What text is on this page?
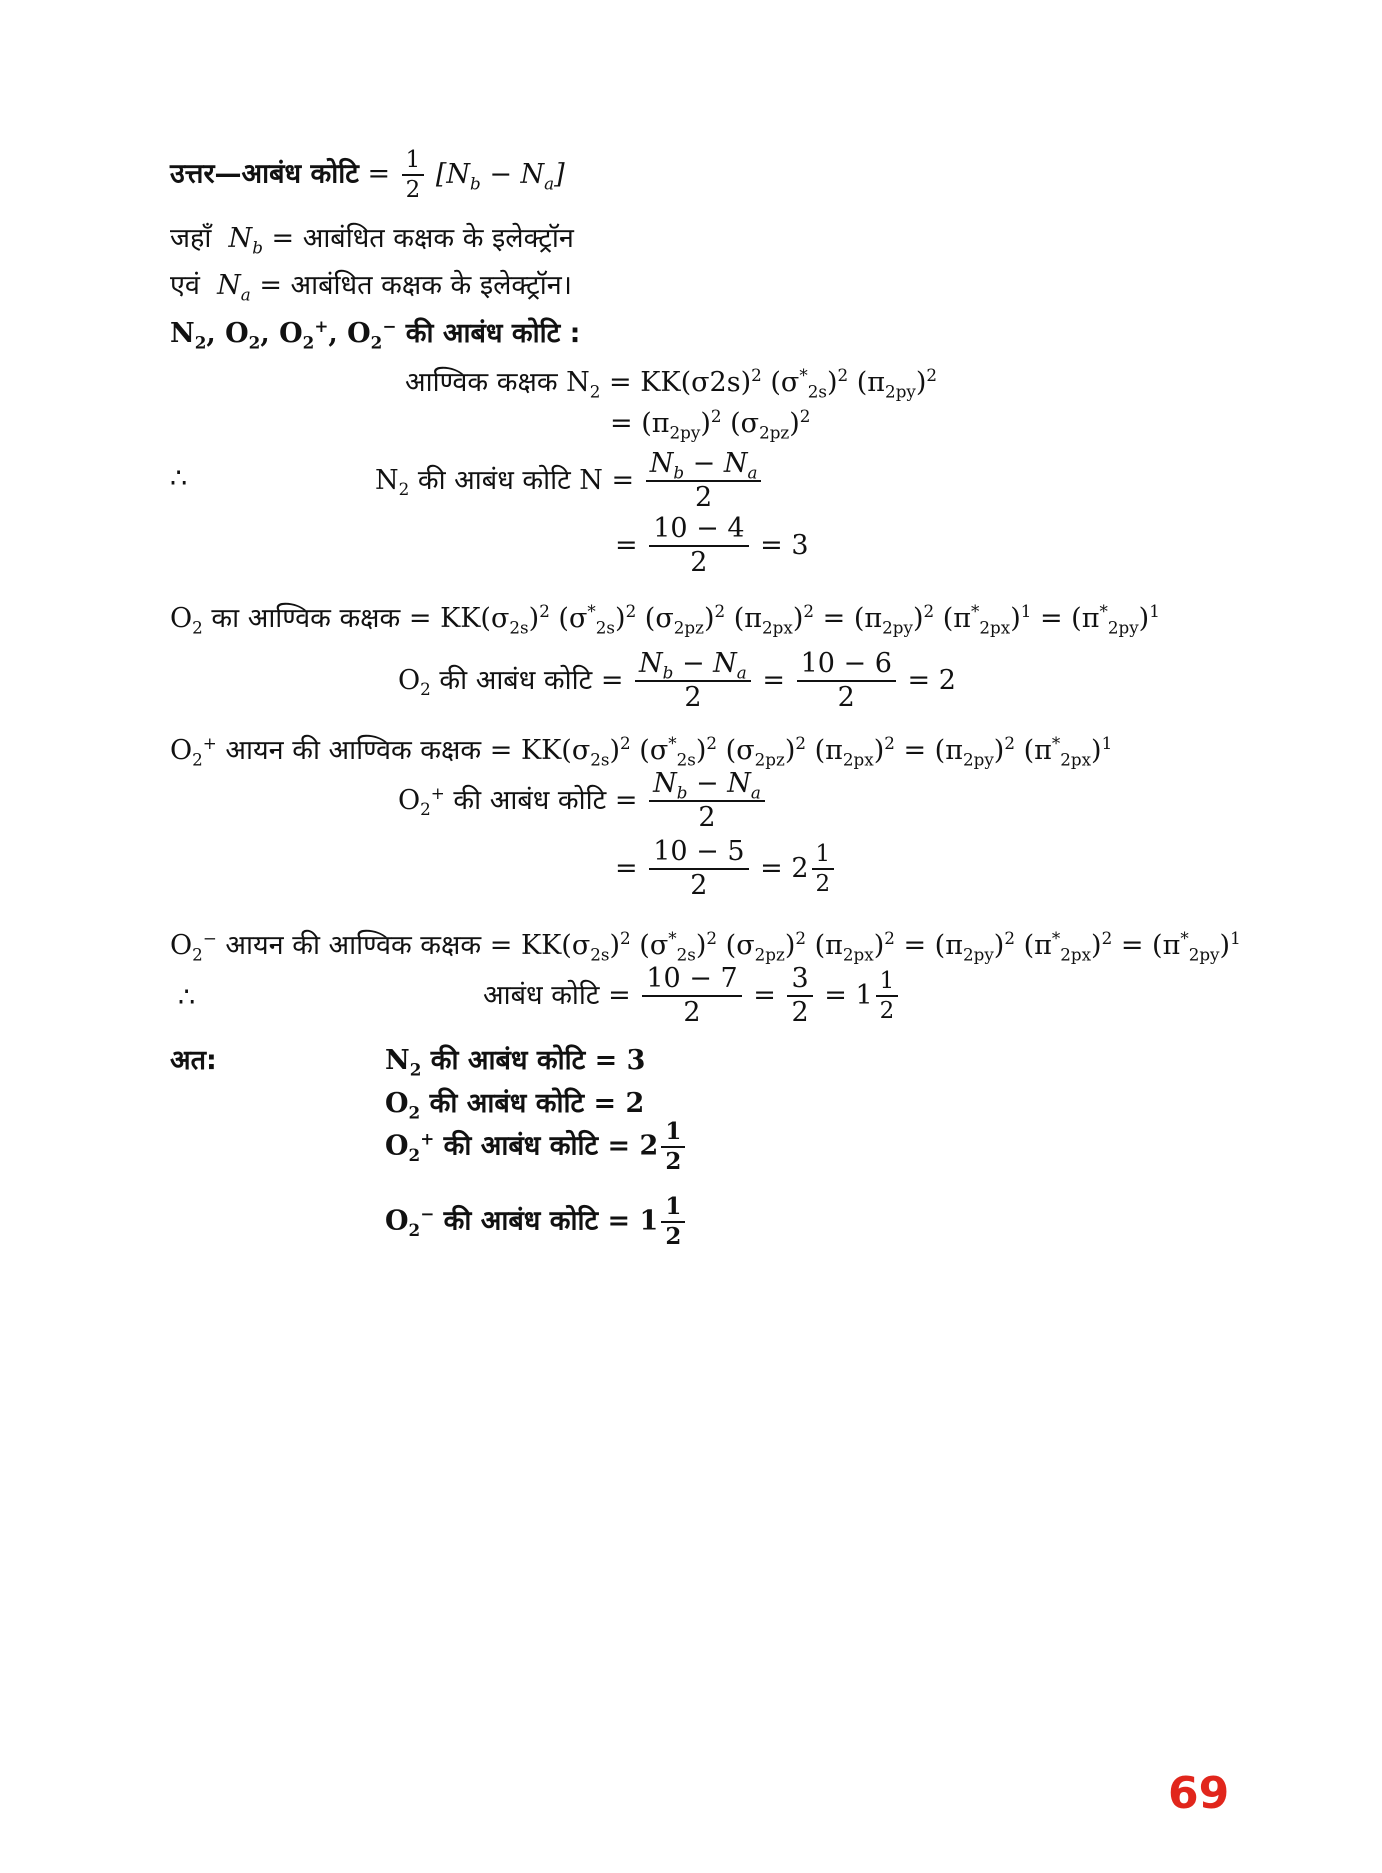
उत्तर—आबंध कोटि = $\frac{1}{2} [N_b - N_a]$
जहाँ  $N_b$ = आबंधित कक्षक के इलेक्ट्रॉन
एवं  $N_a$ = आबंधित कक्षक के इलेक्ट्रॉन।
$N_2$, $O_2$, $O_2^+$, $O_2^-$ की आबंध कोटि :
आण्विक कक्षक $N_2 = KK(\sigma 2s)^2$ $(\sigma^*_{2s})^2$ $(\pi_{2py})^2$
= $(\pi_{2py})^2$ $(\sigma_{2pz})^2$
∴	$N_2$ की आबंध कोटि $N = \frac{N_b - N_a}{2}$
= $\frac{10 - 4}{2} = 3$
$O_2$ का आण्विक कक्षक = $KK(\sigma_{2s})^2$ $(\sigma^*_{2s})^2$ $(\sigma_{2pz})^2$ $(\pi_{2px})^2 = (\pi_{2py})^2$ $(\pi^*_{2px})^1 = (\pi^*_{2py})^1$
$O_2$ की आबंध कोटि = $\frac{N_b - N_a}{2} = \frac{10 - 6}{2} = 2$
$O_2^+$ आयन की आण्विक कक्षक = $KK(\sigma_{2s})^2$ $(\sigma^*_{2s})^2$ $(\sigma_{2pz})^2$ $(\pi_{2px})^2 = (\pi_{2py})^2$ $(\pi^*_{2px})^1$
$O_2^+$ की आबंध कोटि = $\frac{N_b - N_a}{2}$
= $\frac{10 - 5}{2} = 2 \frac{1}{2}$
$O_2^-$ आयन की आण्विक कक्षक = $KK(\sigma_{2s})^2$ $(\sigma^*_{2s})^2$ $(\sigma_{2pz})^2$ $(\pi_{2px})^2 = (\pi_{2py})^2$ $(\pi^*_{2px})^2 = (\pi^*_{2py})^1$
∴	आबंध कोटि = $\frac{10 - 7}{2} = \frac{3}{2} = 1 \frac{1}{2}$
अत:	$N_2$ की आबंध कोटि = 3
$O_2$ की आबंध कोटि = 2
$O_2^+$ की आबंध कोटि = $2 \frac{1}{2}$
$O_2^-$ की आबंध कोटि = $1 \frac{1}{2}$
69
